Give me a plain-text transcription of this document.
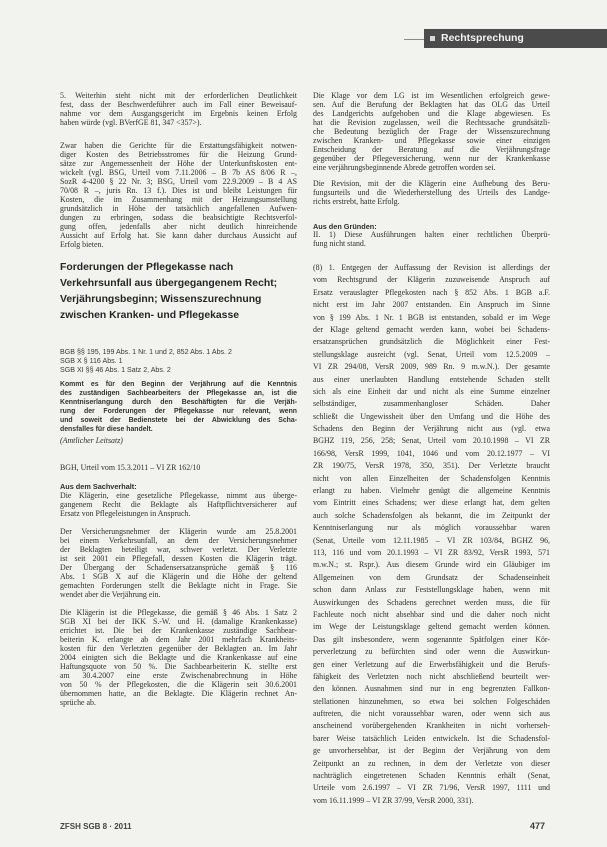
Rechtsprechung
5. Weiterhin steht nicht mit der erforderlichen Deutlichkeit
fest, dass der Beschwerdeführer auch im Fall einer Beweisauf-
nahme vor dem Ausgangsgericht im Ergebnis keinen Erfolg
haben würde (vgl. BVerfGE 81, 347 <357>).
Zwar haben die Gerichte für die Erstattungsfähigkeit notwen-
diger Kosten des Betriebsstromes für die Heizung Grund-
sätze zur Angemessenheit der Höhe der Unterkunftskosten ent-
wickelt (vgl. BSG, Urteil vom 7.11.2006 – B 7b AS 8/06 R –,
SozR 4-4200 § 22 Nr. 3; BSG, Urteil vom 22.9.2009 – B 4 AS
70/08 R –, juris Rn. 13 f.). Dies ist und bleibt Leistungen für
Kosten, die im Zusammenhang mit der Heizungsumstellung
grundsätzlich in Höhe der tatsächlich angefallenen Aufwen-
dungen zu erbringen, sodass die beabsichtigte Rechtsverfol-
gung offen, jedenfalls aber nicht deutlich hinreichende
Aussicht auf Erfolg hat. Sie kann daher durchaus Aussicht auf
Erfolg bieten.
Forderungen der Pflegekasse nach
Verkehrsunfall aus übergegangenem Recht;
Verjährungsbeginn; Wissenszurechnung
zwischen Kranken- und Pflegekasse
BGB §§ 195, 199 Abs. 1 Nr. 1 und 2, 852 Abs. 1 Abs. 2
SGB X § 116 Abs. 1
SGB XI §§ 46 Abs. 1 Satz 2, Abs. 2
Kommt es für den Beginn der Verjährung auf die Kenntnis
des zuständigen Sachbearbeiters der Pflegekasse an, ist die
Kenntniserlangung durch den Beschäftigten für die Verjäh-
rung der Forderungen der Pflegekasse nur relevant, wenn
und soweit der Bedienstete bei der Abwicklung des Scha-
densfalles für diese handelt.
(Amtlicher Leitsatz)
BGH, Urteil vom 15.3.2011 – VI ZR 162/10
Aus dem Sachverhalt:
Die Klägerin, eine gesetzliche Pflegekasse, nimmt aus überge-
gangenem Recht die Beklagte als Haftpflichtversicherer auf
Ersatz von Pflegeleistungen in Anspruch.
Der Versicherungsnehmer der Klägerin wurde am 25.8.2001
bei einem Verkehrsunfall, an dem der Versicherungsnehmer
der Beklagten beteiligt war, schwer verletzt. Der Verletzte
ist seit 2001 ein Pflegefall, dessen Kosten die Klägerin trägt.
Der Übergang der Schadensersatzansprüche gemäß § 116
Abs. 1 SGB X auf die Klägerin und die Höhe der geltend
gemachten Forderungen stellt die Beklagte nicht in Frage. Sie
wendet aber die Verjährung ein.
Die Klägerin ist die Pflegekasse, die gemäß § 46 Abs. 1 Satz 2
SGB XI bei der IKK S.-W. und H. (damalige Krankenkasse)
errichtet ist. Die bei der Krankenkasse zuständige Sachbear-
beiterin K. erlangte ab dem Jahr 2001 mehrfach Krankheits-
kosten für den Verletzten gegenüber der Beklagten an. Im Jahr
2004 einigten sich die Beklagte und die Krankenkasse auf eine
Haftungsquote von 50 %. Die Sachbearbeiterin K. stellte erst
am 30.4.2007 eine erste Zwischenabrechnung in Höhe
von 50 % der Pflegekosten, die die Klägerin seit 30.6.2001
übernommen hatte, an die Beklagte. Die Klägerin rechnet An-
sprüche ab.
Die Klage vor dem LG ist im Wesentlichen erfolgreich gewe-
sen. Auf die Berufung der Beklagten hat das OLG das Urteil
des Landgerichts aufgehoben und die Klage abgewiesen. Es
hat die Revision zugelassen, weil die Rechtssache grundsätzli-
che Bedeutung bezüglich der Frage der Wissenszurechnung
zwischen Kranken- und Pflegekasse sowie einer einzigen
Entscheidung der Beratung auf die Verjährungsfrage
gegenüber der Pflegeversicherung, wenn nur der Krankenkasse
eine verjährungsbeginnende Abrede getroffen worden sei.
Die Revision, mit der die Klägerin eine Aufhebung des Beru-
fungsurteils und die Wiederherstellung des Urteils des Landge-
richts erstrebt, hatte Erfolg.
Aus den Gründen:
II. 1) Diese Ausführungen halten einer rechtlichen Überprü-
fung nicht stand.
(8) 1. Entgegen der Auffassung der Revision ist allerdings der
vom Rechtsgrund der Klägerin zuzuweisende Anspruch auf
Ersatz verauslagter Pflegekosten nach § 852 Abs. 1 BGB a.F.
nicht erst im Jahr 2007 entstanden. Ein Anspruch im Sinne
von § 199 Abs. 1 Nr. 1 BGB ist entstanden, sobald er im Wege
der Klage geltend gemacht werden kann, wobei bei Schadens-
ersatzansprüchen grundsätzlich die Möglichkeit einer Fest-
stellungsklage ausreicht (vgl. Senat, Urteil vom 12.5.2009 –
VI ZR 294/08, VersR 2009, 989 Rn. 9 m.w.N.). Der gesamte
aus einer unerlaubten Handlung entstehende Schaden stellt
sich als eine Einheit dar und nicht als eine Summe einzelner
selbständiger, zusammenhangloser Schäden. Daher
schließt die Ungewissheit über den Umfang und die Höhe des
Schadens den Beginn der Verjährung nicht aus (vgl. etwa
BGHZ 119, 256, 258; Senat, Urteil vom 20.10.1998 – VI ZR
166/98, VersR 1999, 1041, 1046 und vom 20.12.1977 – VI
ZR 190/75, VersR 1978, 350, 351). Der Verletzte braucht
nicht von allen Einzelheiten der Schadensfolgen Kenntnis
erlangt zu haben. Vielmehr genügt die allgemeine Kenntnis
vom Eintritt eines Schadens; wer diese erlangt hat, dem gelten
auch solche Schadensfolgen als bekannt, die im Zeitpunkt der
Kenntniserlangung nur als möglich voraussehbar waren
(Senat, Urteile vom 12.11.1985 – VI ZR 103/84, BGHZ 96,
113, 116 und vom 20.1.1993 – VI ZR 83/92, VersR 1993, 571
m.w.N.; st. Rspr.). Aus diesem Grunde wird ein Gläubiger im
Allgemeinen von dem Grundsatz der Schadenseinheit
schon dann Anlass zur Feststellungsklage haben, wenn mit
Auswirkungen des Schadens gerechnet werden muss, die für
Fachleute noch nicht absehbar sind und die daher noch nicht
im Wege der Leistungsklage geltend gemacht werden können.
Das gilt insbesondere, wenn sogenannte Spätfolgen einer Kör-
perverletzung zu befürchten sind oder wenn die Auswirkun-
gen einer Verletzung auf die Erwerbsfähigkeit und die Berufs-
fähigkeit des Verletzten noch nicht abschließend beurteilt wer-
den können. Ausnahmen sind nur in eng begrenzten Fallkon-
stellationen hinzunehmen, so etwa bei solchen Folgeschäden
auftreten, die nicht voraussehbar waren, oder wenn sich aus
anscheinend vorübergehenden Krankheiten in nicht vorherseh-
barer Weise tatsächlich Leiden entwickeln. Ist die Schadensfol-
ge unvorhersehbar, ist der Beginn der Verjährung von dem
Zeitpunkt an zu rechnen, in dem der Verletzte von dieser
nachträglich eingetretenen Schaden Kenntnis erhält (Senat,
Urteile vom 2.6.1997 – VI ZR 71/96, VersR 1997, 1111 und
vom 16.11.1999 – VI ZR 37/99, VersR 2000, 331).
ZFSH SGB 8 · 2011	477
